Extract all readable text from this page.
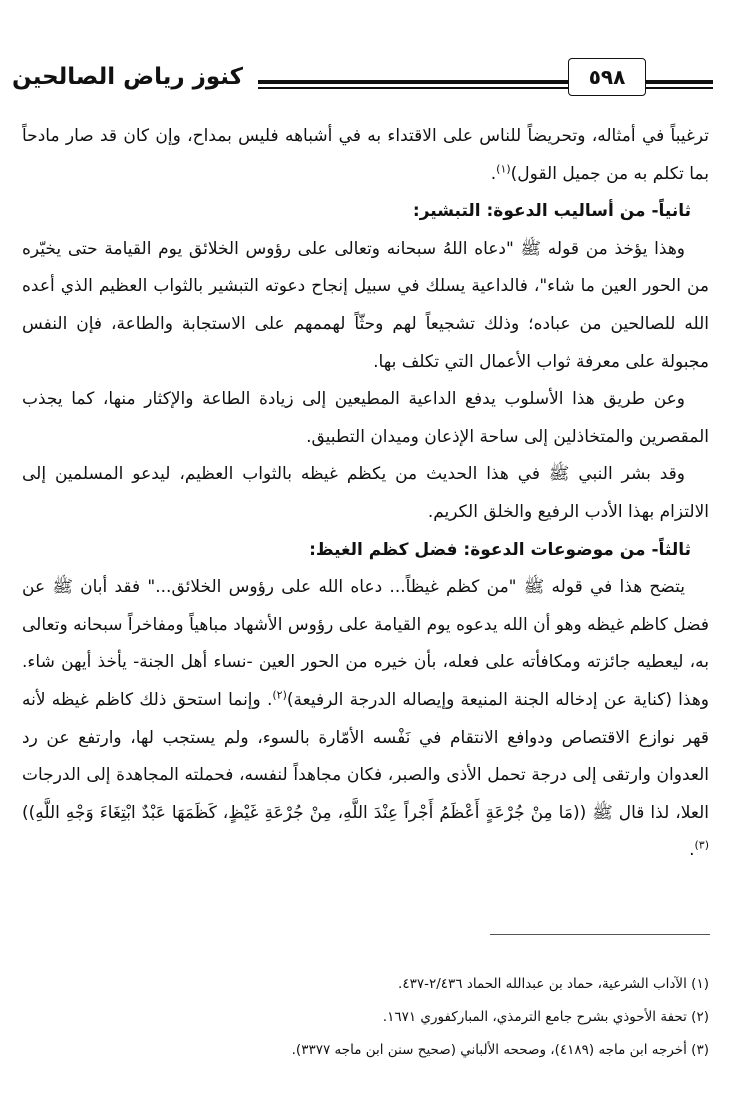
٥٩٨
كنوز رياض الصالحين

ترغيباً في أمثاله، وتحريضاً للناس على الاقتداء به في أشباهه فليس بمداح، وإن كان قد صار مادحاً بما تكلم به من جميل القول)$^{(١)}$.

ثانياً- من أساليب الدعوة: التبشير:

وهذا يؤخذ من قوله ﷺ "دعاه اللهُ سبحانه وتعالى على رؤوس الخلائق يوم القيامة حتى يخيّره من الحور العين ما شاء"، فالداعية يسلك في سبيل إنجاح دعوته التبشير بالثواب العظيم الذي أعده الله للصالحين من عباده؛ وذلك تشجيعاً لهم وحثّاً لهممهم على الاستجابة والطاعة، فإن النفس مجبولة على معرفة ثواب الأعمال التي تكلف بها.

وعن طريق هذا الأسلوب يدفع الداعية المطيعين إلى زيادة الطاعة والإكثار منها، كما يجذب المقصرين والمتخاذلين إلى ساحة الإذعان وميدان التطبيق.

وقد بشر النبي ﷺ في هذا الحديث من يكظم غيظه بالثواب العظيم، ليدعو المسلمين إلى الالتزام بهذا الأدب الرفيع والخلق الكريم.

ثالثاً- من موضوعات الدعوة: فضل كظم الغيظ:

يتضح هذا في قوله ﷺ "من كظم غيظاً... دعاه الله على رؤوس الخلائق..." فقد أبان ﷺ عن فضل كاظم غيظه وهو أن الله يدعوه يوم القيامة على رؤوس الأشهاد مباهياً ومفاخراً سبحانه وتعالى به، ليعطيه جائزته ومكافأته على فعله، بأن خيره من الحور العين -نساء أهل الجنة- يأخذ أيهن شاء. وهذا (كناية عن إدخاله الجنة المنيعة وإيصاله الدرجة الرفيعة)$^{(٢)}$. وإنما استحق ذلك كاظم غيظه لأنه قهر نوازع الاقتصاص ودوافع الانتقام في نَفْسه الأمّارة بالسوء، ولم يستجب لها، وارتفع عن رد العدوان وارتقى إلى درجة تحمل الأذى والصبر، فكان مجاهداً لنفسه، فحملته المجاهدة إلى الدرجات العلا، لذا قال ﷺ ((مَا مِنْ جُرْعَةٍ أَعْظَمُ أَجْراً عِنْدَ اللَّهِ، مِنْ جُرْعَةِ غَيْظٍ، كَظَمَهَا عَبْدٌ ابْتِغَاءَ وَجْهِ اللَّهِ))$^{(٣)}$.

(١) الآداب الشرعية، حماد بن عبدالله الحماد ٢/٤٣٦-٤٣٧.
(٢) تحفة الأحوذي بشرح جامع الترمذي، المباركفوري ١٦٧١.
(٣) أخرجه ابن ماجه (٤١٨٩)، وصححه الألباني (صحيح سنن ابن ماجه ٣٣٧٧).
